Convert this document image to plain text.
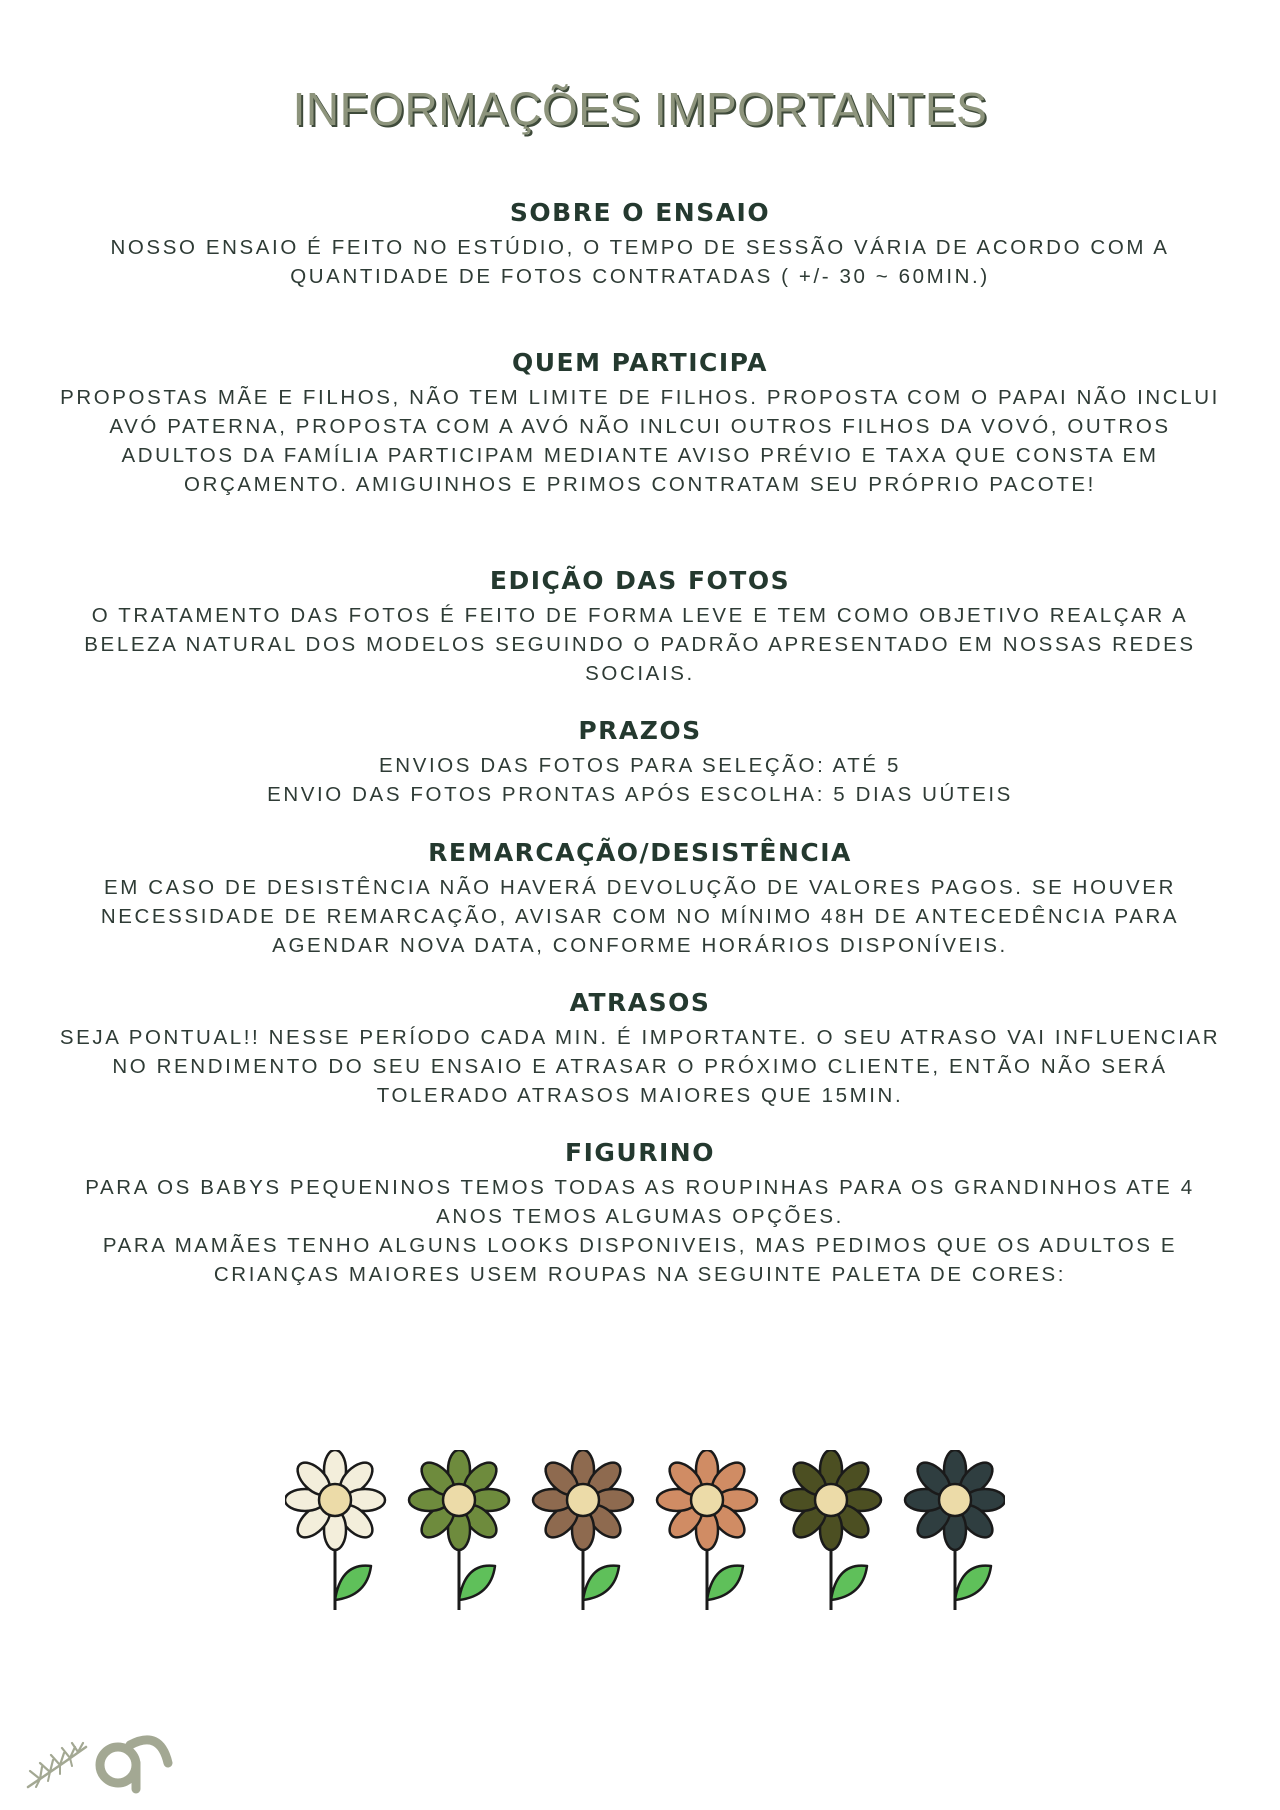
INFORMAÇÕES IMPORTANTES
SOBRE O ENSAIO
NOSSO ENSAIO É FEITO NO ESTÚDIO, O TEMPO DE SESSÃO VÁRIA DE ACORDO COM A
QUANTIDADE DE FOTOS CONTRATADAS ( +/- 30 ~ 60MIN.)
QUEM PARTICIPA
PROPOSTAS MÃE E FILHOS, NÃO TEM LIMITE DE FILHOS. PROPOSTA COM O PAPAI NÃO INCLUI
AVÓ PATERNA, PROPOSTA COM A AVÓ NÃO INLCUI OUTROS FILHOS DA VOVÓ, OUTROS
ADULTOS DA FAMÍLIA PARTICIPAM MEDIANTE AVISO PRÉVIO E TAXA QUE CONSTA EM
ORÇAMENTO. AMIGUINHOS E PRIMOS CONTRATAM SEU PRÓPRIO PACOTE!
EDIÇÃO DAS FOTOS
O TRATAMENTO DAS FOTOS É FEITO DE FORMA LEVE E TEM COMO OBJETIVO REALÇAR A
BELEZA NATURAL DOS MODELOS SEGUINDO O PADRÃO APRESENTADO EM NOSSAS REDES
SOCIAIS.
PRAZOS
ENVIOS DAS FOTOS PARA SELEÇÃO: ATÉ 5
ENVIO DAS FOTOS PRONTAS APÓS ESCOLHA: 5 DIAS UÚTEIS
REMARCAÇÃO/DESISTÊNCIA
EM CASO DE DESISTÊNCIA NÃO HAVERÁ DEVOLUÇÃO DE VALORES PAGOS. SE HOUVER
NECESSIDADE DE REMARCAÇÃO, AVISAR COM NO MÍNIMO 48H DE ANTECEDÊNCIA PARA
AGENDAR NOVA DATA, CONFORME HORÁRIOS DISPONÍVEIS.
ATRASOS
SEJA PONTUAL!! NESSE PERÍODO CADA MIN. É IMPORTANTE. O SEU ATRASO VAI INFLUENCIAR
NO RENDIMENTO DO SEU ENSAIO E ATRASAR O PRÓXIMO CLIENTE, ENTÃO NÃO SERÁ
TOLERADO ATRASOS MAIORES QUE 15MIN.
FIGURINO
PARA OS BABYS PEQUENINOS TEMOS TODAS AS ROUPINHAS PARA OS GRANDINHOS ATE 4
ANOS TEMOS ALGUMAS OPÇÕES.
PARA MAMÃES TENHO ALGUNS LOOKS DISPONIVEIS, MAS PEDIMOS QUE OS ADULTOS E
CRIANÇAS MAIORES USEM ROUPAS NA SEGUINTE PALETA DE CORES:
